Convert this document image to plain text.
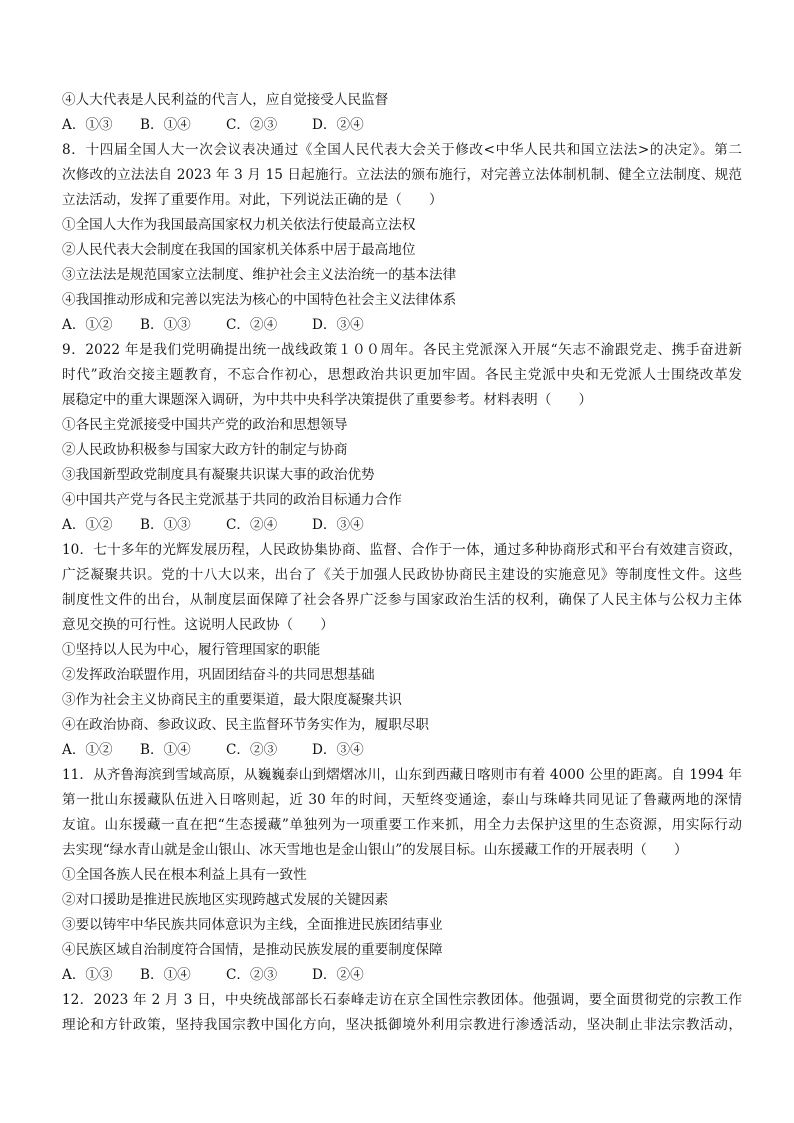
④人大代表是人民利益的代言人，应自觉接受人民监督
A．①③ B．①④	C．②③	D．②④
8．十四届全国人大一次会议表决通过《全国人民代表大会关于修改<中华人民共和国立法法>的决定》。第二
次修改的立法法自 2023 年 3 月 15 日起施行。立法法的颁布施行，对完善立法体制机制、健全立法制度、规范
立法活动，发挥了重要作用。对此，下列说法正确的是（　　）
①全国人大作为我国最高国家权力机关依法行使最高立法权
②人民代表大会制度在我国的国家机关体系中居于最高地位
③立法法是规范国家立法制度、维护社会主义法治统一的基本法律
④我国推动形成和完善以宪法为核心的中国特色社会主义法律体系
A．①② B．①③	C．②④	D．③④
9．2022 年是我们党明确提出统一战线政策１００周年。各民主党派深入开展“矢志不渝跟党走、携手奋进新
时代”政治交接主题教育，不忘合作初心，思想政治共识更加牢固。各民主党派中央和无党派人士围绕改革发
展稳定中的重大课题深入调研，为中共中央科学决策提供了重要参考。材料表明（　　）
①各民主党派接受中国共产党的政治和思想领导
②人民政协积极参与国家大政方针的制定与协商
③我国新型政党制度具有凝聚共识谋大事的政治优势
④中国共产党与各民主党派基于共同的政治目标通力合作
A．①② B．①③	C．②④	D．③④
10．七十多年的光辉发展历程，人民政协集协商、监督、合作于一体，通过多种协商形式和平台有效建言资政，
广泛凝聚共识。党的十八大以来，出台了《关于加强人民政协协商民主建设的实施意见》等制度性文件。这些
制度性文件的出台，从制度层面保障了社会各界广泛参与国家政治生活的权利，确保了人民主体与公权力主体
意见交换的可行性。这说明人民政协（　　）
①坚持以人民为中心，履行管理国家的职能
②发挥政治联盟作用，巩固团结奋斗的共同思想基础
③作为社会主义协商民主的重要渠道，最大限度凝聚共识
④在政治协商、参政议政、民主监督环节务实作为，履职尽职
A．①② B．①④	C．②③	D．③④
11．从齐鲁海滨到雪域高原，从巍巍泰山到熠熠冰川，山东到西藏日喀则市有着 4000 公里的距离。自 1994 年
第一批山东援藏队伍进入日喀则起，近 30 年的时间，天堑终变通途，泰山与珠峰共同见证了鲁藏两地的深情
友谊。山东援藏一直在把“生态援藏”单独列为一项重要工作来抓，用全力去保护这里的生态资源，用实际行动
去实现“绿水青山就是金山银山、冰天雪地也是金山银山”的发展目标。山东援藏工作的开展表明（　　）
①全国各族人民在根本利益上具有一致性
②对口援助是推进民族地区实现跨越式发展的关键因素
③要以铸牢中华民族共同体意识为主线，全面推进民族团结事业
④民族区域自治制度符合国情，是推动民族发展的重要制度保障
A．①③ B．①④	C．②③	D．②④
12．2023 年 2 月 3 日，中央统战部部长石泰峰走访在京全国性宗教团体。他强调，要全面贯彻党的宗教工作
理论和方针政策，坚持我国宗教中国化方向，坚决抵御境外利用宗教进行渗透活动，坚决制止非法宗教活动，
